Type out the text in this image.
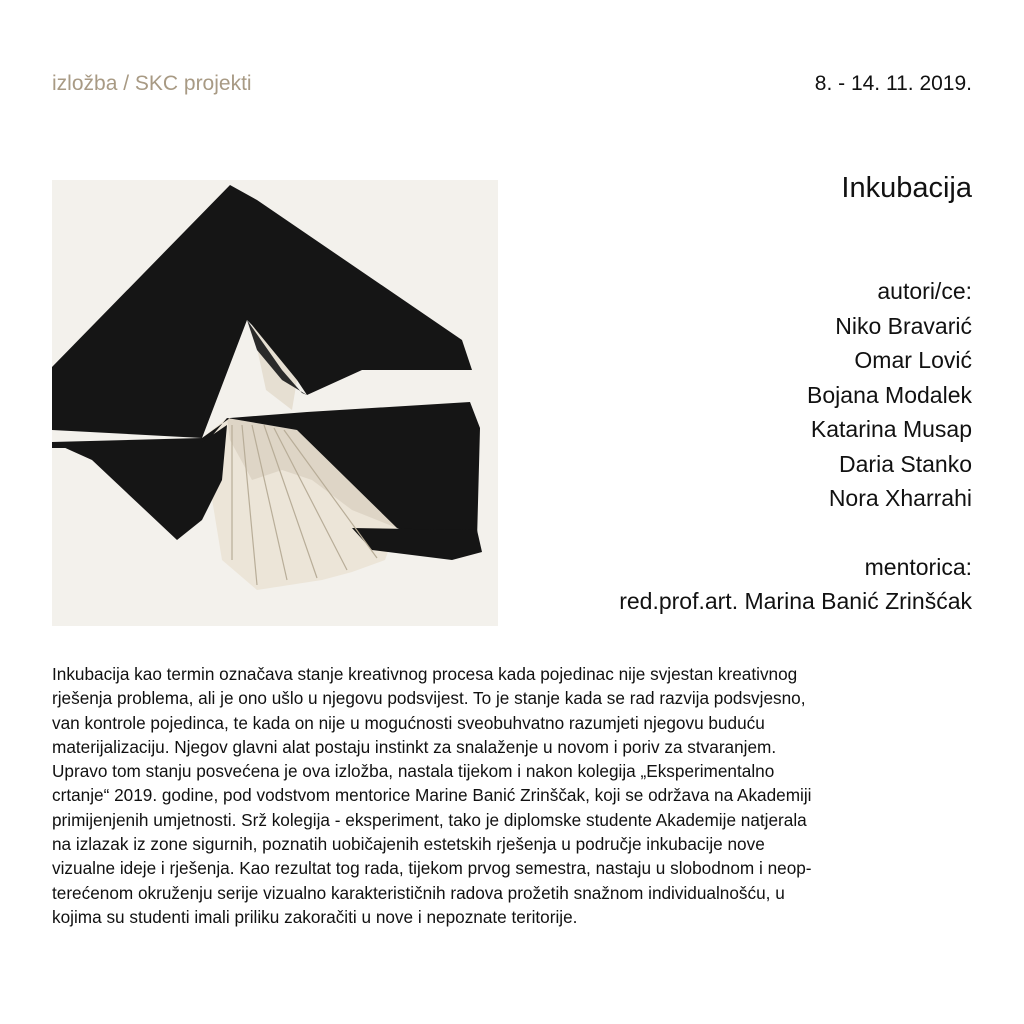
izložba / SKC projekti	8. - 14. 11. 2019.
Inkubacija
autori/ce:
Niko Bravarić
Omar Lović
Bojana Modalek
Katarina Musap
Daria Stanko
Nora Xharrahi
mentorica:
red.prof.art. Marina Banić Zrinšćak
Inkubacija kao termin označava stanje kreativnog procesa kada pojedinac nije svjestan kreativnog
rješenja problema, ali je ono ušlo u njegovu podsvijest. To je stanje kada se rad razvija podsvjesno,
van kontrole pojedinca, te kada on nije u mogućnosti sveobuhvatno razumjeti njegovu buduću
materijalizaciju. Njegov glavni alat postaju instinkt za snalaženje u novom i poriv za stvaranjem.
Upravo tom stanju posvećena je ova izložba, nastala tijekom i nakon kolegija „Eksperimentalno
crtanje“ 2019. godine, pod vodstvom mentorice Marine Banić Zrinščak, koji se održava na Akademiji
primijenjenih umjetnosti. Srž kolegija - eksperiment, tako je diplomske studente Akademije natjerala
na izlazak iz zone sigurnih, poznatih uobičajenih estetskih rješenja u područje inkubacije nove
vizualne ideje i rješenja. Kao rezultat tog rada, tijekom prvog semestra, nastaju u slobodnom i neop-
terećenom okruženju serije vizualno karakterističnih radova prožetih snažnom individualnošću, u
kojima su studenti imali priliku zakoračiti u nove i nepoznate teritorije.
